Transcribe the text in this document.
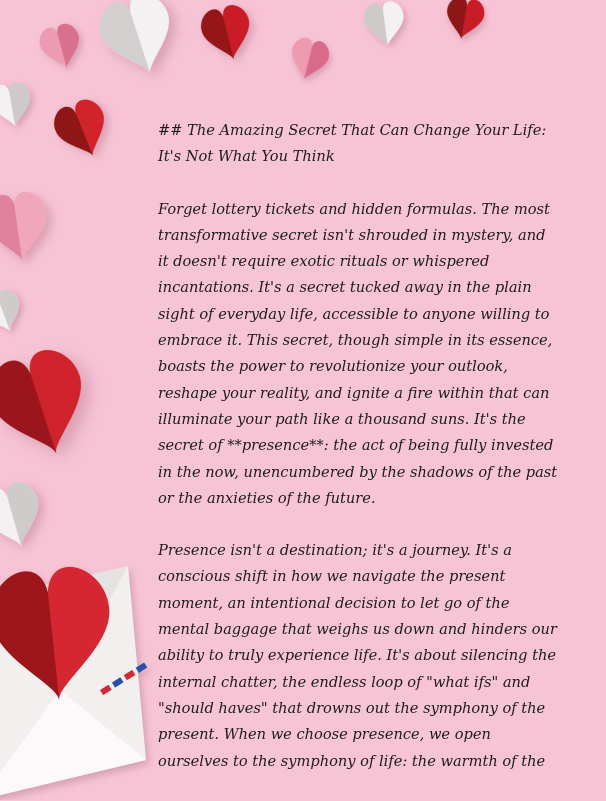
## The Amazing Secret That Can Change Your Life: It's Not What You Think

Forget lottery tickets and hidden formulas. The most transformative secret isn't shrouded in mystery, and it doesn't require exotic rituals or whispered incantations. It's a secret tucked away in the plain sight of everyday life, accessible to anyone willing to embrace it. This secret, though simple in its essence, boasts the power to revolutionize your outlook, reshape your reality, and ignite a fire within that can illuminate your path like a thousand suns. It's the secret of **presence**: the act of being fully invested in the now, unencumbered by the shadows of the past or the anxieties of the future.

Presence isn't a destination; it's a journey. It's a conscious shift in how we navigate the present moment, an intentional decision to let go of the mental baggage that weighs us down and hinders our ability to truly experience life. It's about silencing the internal chatter, the endless loop of "what ifs" and "should haves" that drowns out the symphony of the present. When we choose presence, we open ourselves to the symphony of life: the warmth of the
